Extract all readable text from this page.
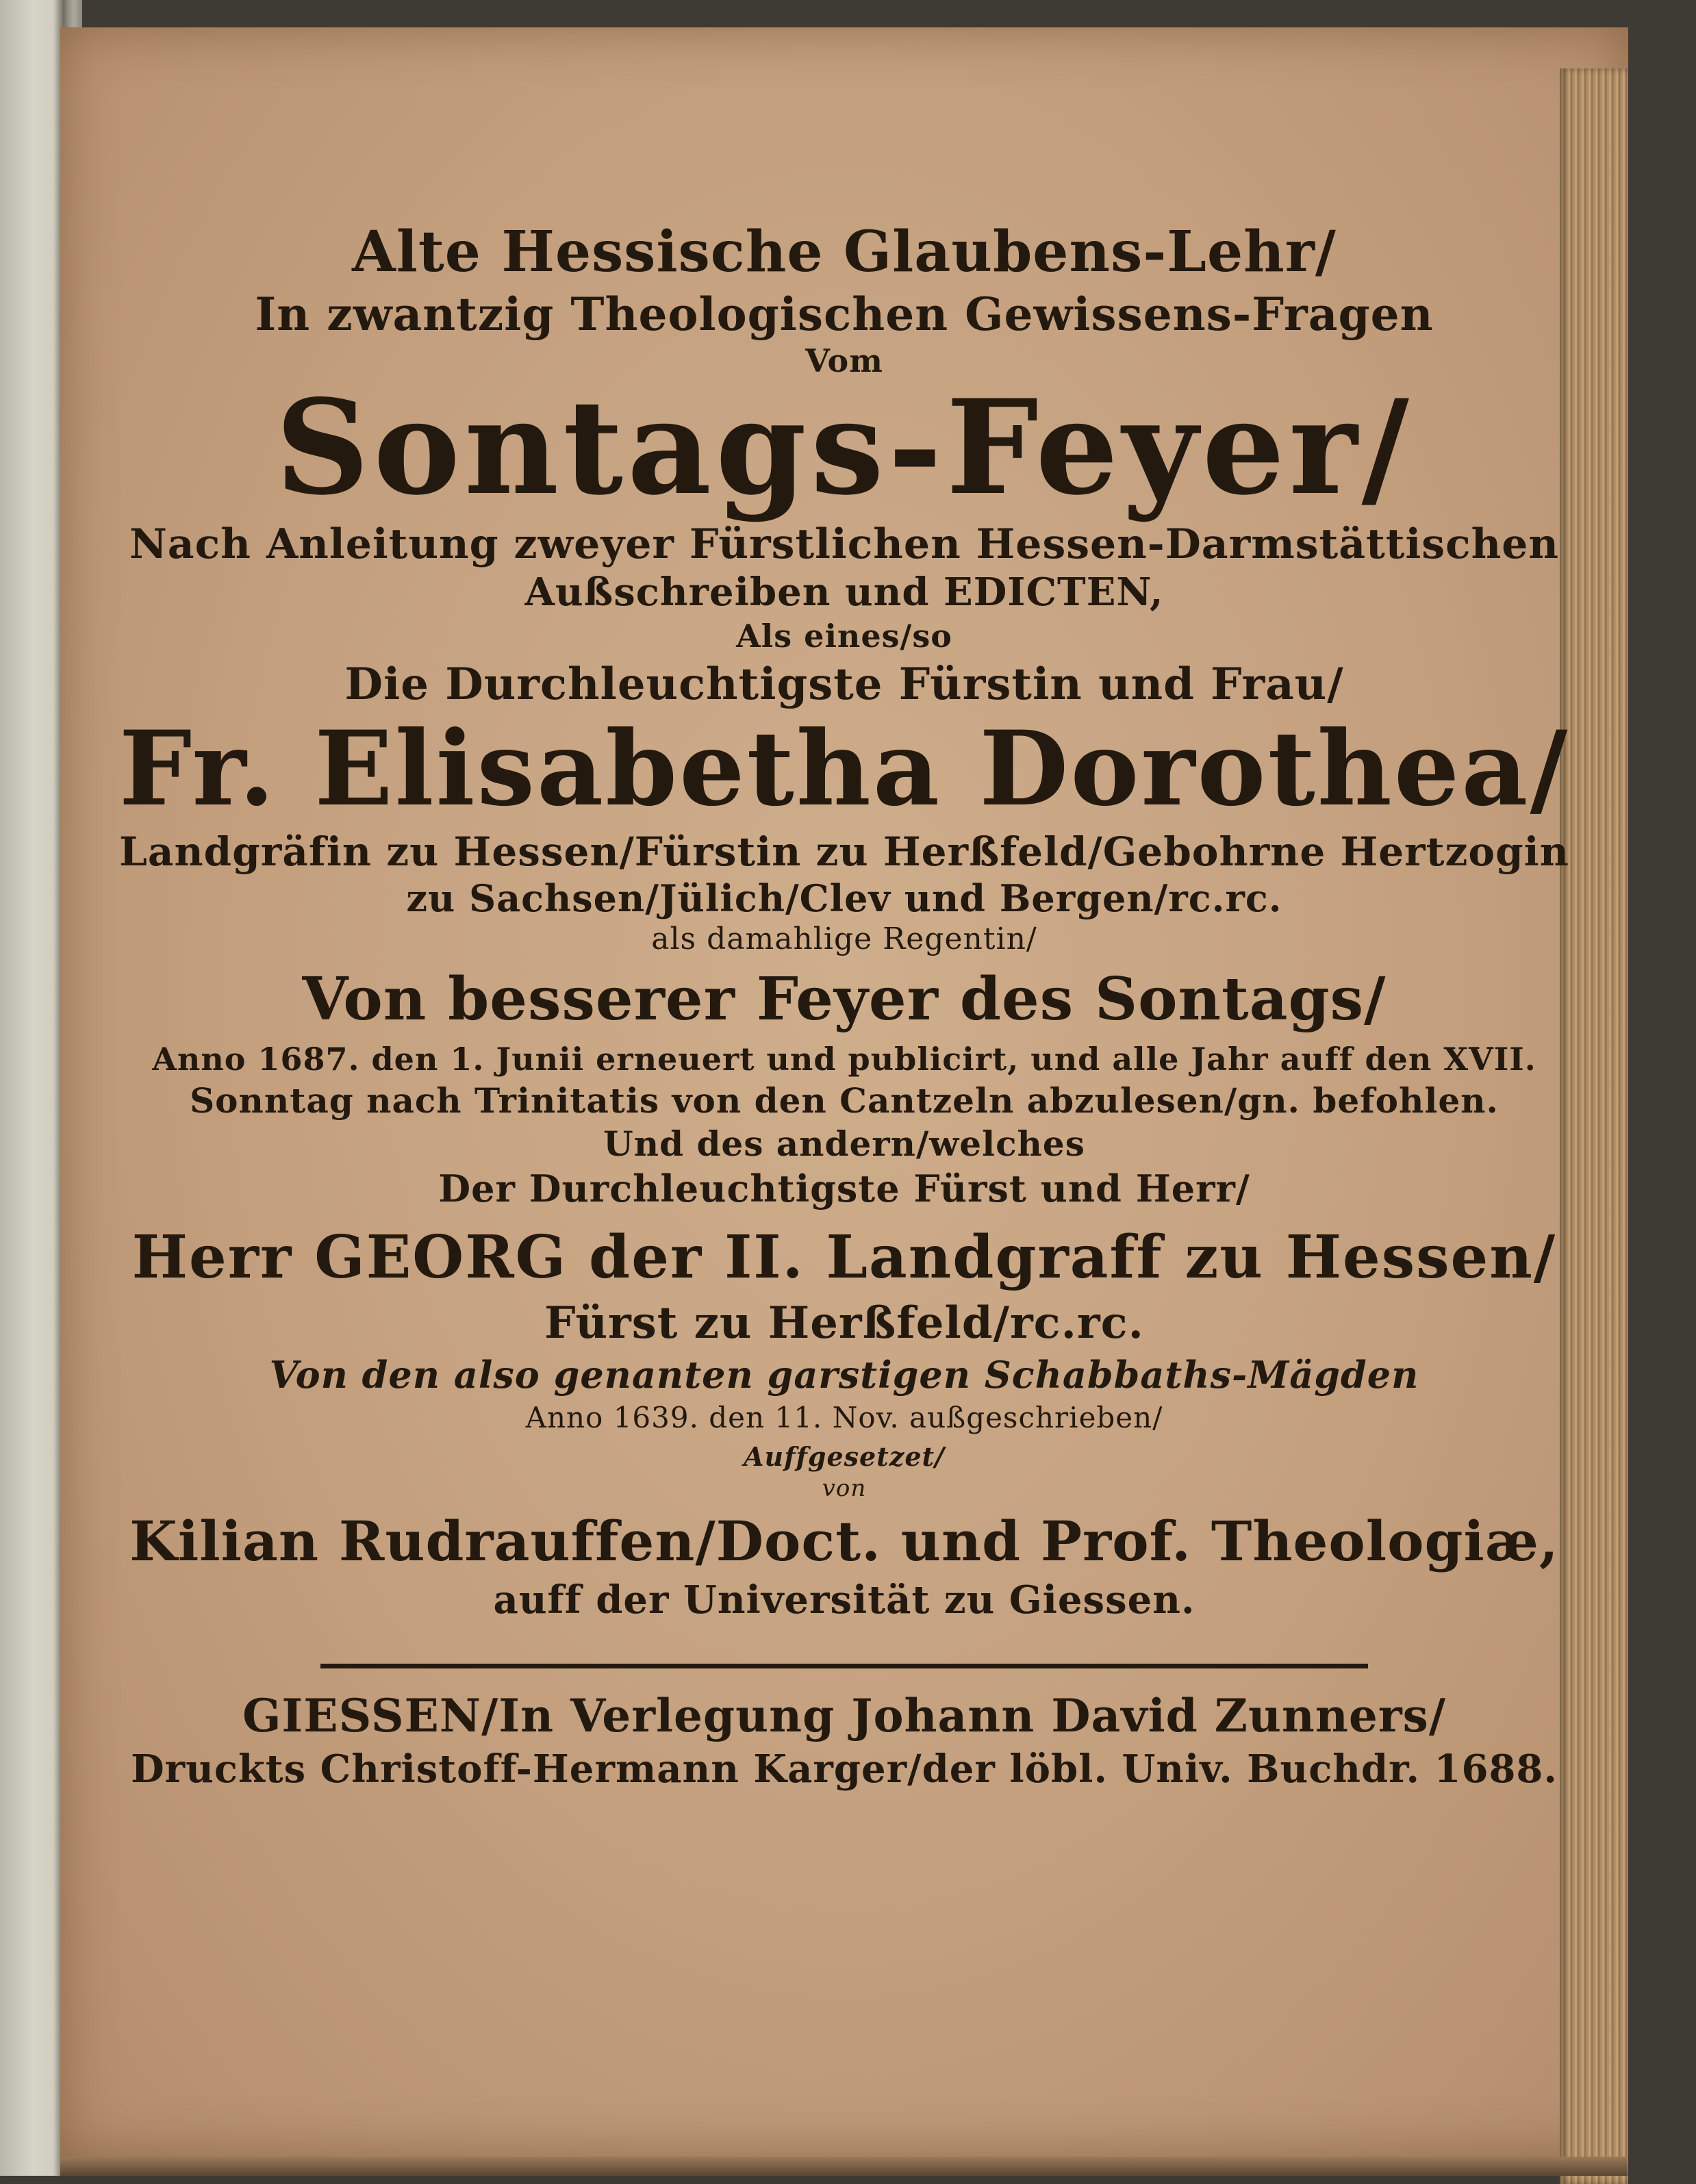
Alte Hessische Glaubens-Lehr/
In zwantzig Theologischen Gewissens-Fragen
Vom
Sontags-Feyer/
Nach Anleitung zweyer Fürstlichen Hessen-Darmstättischen
Außschreiben und EDICTEN,
Als eines/so
Die Durchleuchtigste Fürstin und Frau/
Fr. Elisabetha Dorothea/
Landgräfin zu Hessen/Fürstin zu Herßfeld/Gebohrne Hertzogin
zu Sachsen/Jülich/Clev und Bergen/rc.rc.
als damahlige Regentin/
Von besserer Feyer des Sontags/
Anno 1687. den 1. Junii erneuert und publicirt, und alle Jahr auff den XVII.
Sonntag nach Trinitatis von den Cantzeln abzulesen/gn. befohlen.
Und des andern/welches
Der Durchleuchtigste Fürst und Herr/
Herr GEORG der II. Landgraff zu Hessen/
Fürst zu Herßfeld/rc.rc.
Von den also genanten garstigen Schabbaths-Mägden
Anno 1639. den 11. Nov. außgeschrieben/
Auffgesetzet/
von
Kilian Rudrauffen/Doct. und Prof. Theologiæ,
auff der Universität zu Giessen.
GIESSEN/In Verlegung Johann David Zunners/
Druckts Christoff-Hermann Karger/der löbl. Univ. Buchdr. 1688.
